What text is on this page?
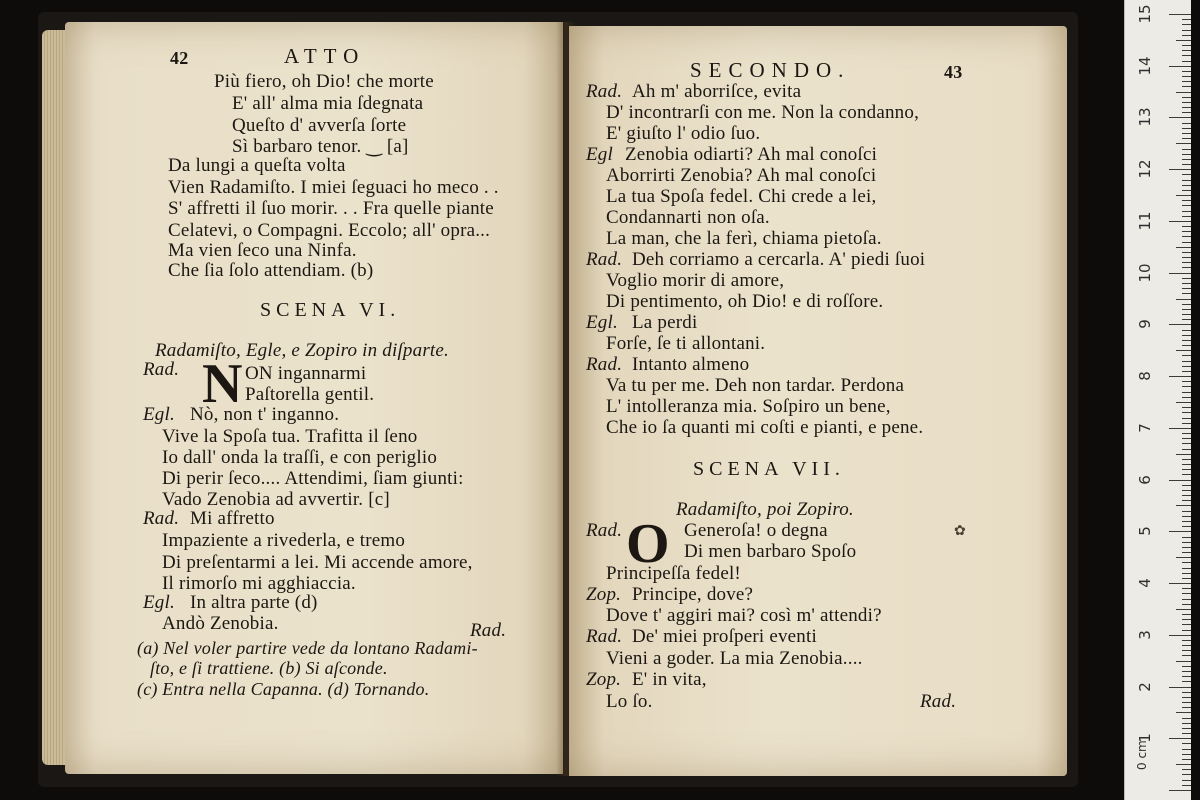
42	ATTO
Più fiero, oh Dio! che morte
E' all' alma mia ſdegnata
Queſto d' avverſa ſorte
Sì barbaro tenor. ‿ [a]
Da lungi a queſta volta
Vien Radamiſto. I miei ſeguaci ho meco . .
S' affretti il ſuo morir. . . Fra quelle piante
Celatevi, o Compagni. Eccolo; all' opra...
Ma vien ſeco una Ninfa.
Che ſia ſolo attendiam. (b)
SCENA VI.
Radamiſto, Egle, e Zopiro in diſparte.
Rad. N ON ingannarmi
Paſtorella gentil.
Egl. Nò, non t' inganno.
Vive la Spoſa tua. Trafitta il ſeno
Io dall' onda la traſſi, e con periglio
Di perir ſeco.... Attendimi, ſiam giunti:
Vado Zenobia ad avvertir. [c]
Rad. Mi affretto
Impaziente a rivederla, e tremo
Di preſentarmi a lei. Mi accende amore,
Il rimorſo mi agghiaccia.
Egl. In altra parte (d)
Andò Zenobia.	Rad.
(a) Nel voler partire vede da lontano Radami-
ſto, e ſi trattiene. (b) Si aſconde.
(c) Entra nella Capanna. (d) Tornando.
SECONDO.	43
Rad. Ah m' aborriſce, evita
D' incontrarſi con me. Non la condanno,
E' giuſto l' odio ſuo.
Egl Zenobia odiarti? Ah mal conoſci
Aborrirti Zenobia? Ah mal conoſci
La tua Spoſa fedel. Chi crede a lei,
Condannarti non oſa.
La man, che la ferì, chiama pietoſa.
Rad. Deh corriamo a cercarla. A' piedi ſuoi
Voglio morir di amore,
Di pentimento, oh Dio! e di roſſore.
Egl. La perdi
Forſe, ſe ti allontani.
Rad. Intanto almeno
Va tu per me. Deh non tardar. Perdona
L' intolleranza mia. Soſpiro un bene,
Che io ſa quanti mi coſti e pianti, e pene.
SCENA VII.
Radamiſto, poi Zopiro.
Rad. O Generoſa! o degna
Di men barbaro Spoſo
Principeſſa fedel!
Zop. Principe, dove?
Dove t' aggiri mai? così m' attendi?
Rad. De' miei proſperi eventi
Vieni a goder. La mia Zenobia....
Zop. E' in vita,
Lo ſo.	Rad.
✿
15
14
13
12
11
10
9
8
7
6
5
4
3
2
1
0 cm
